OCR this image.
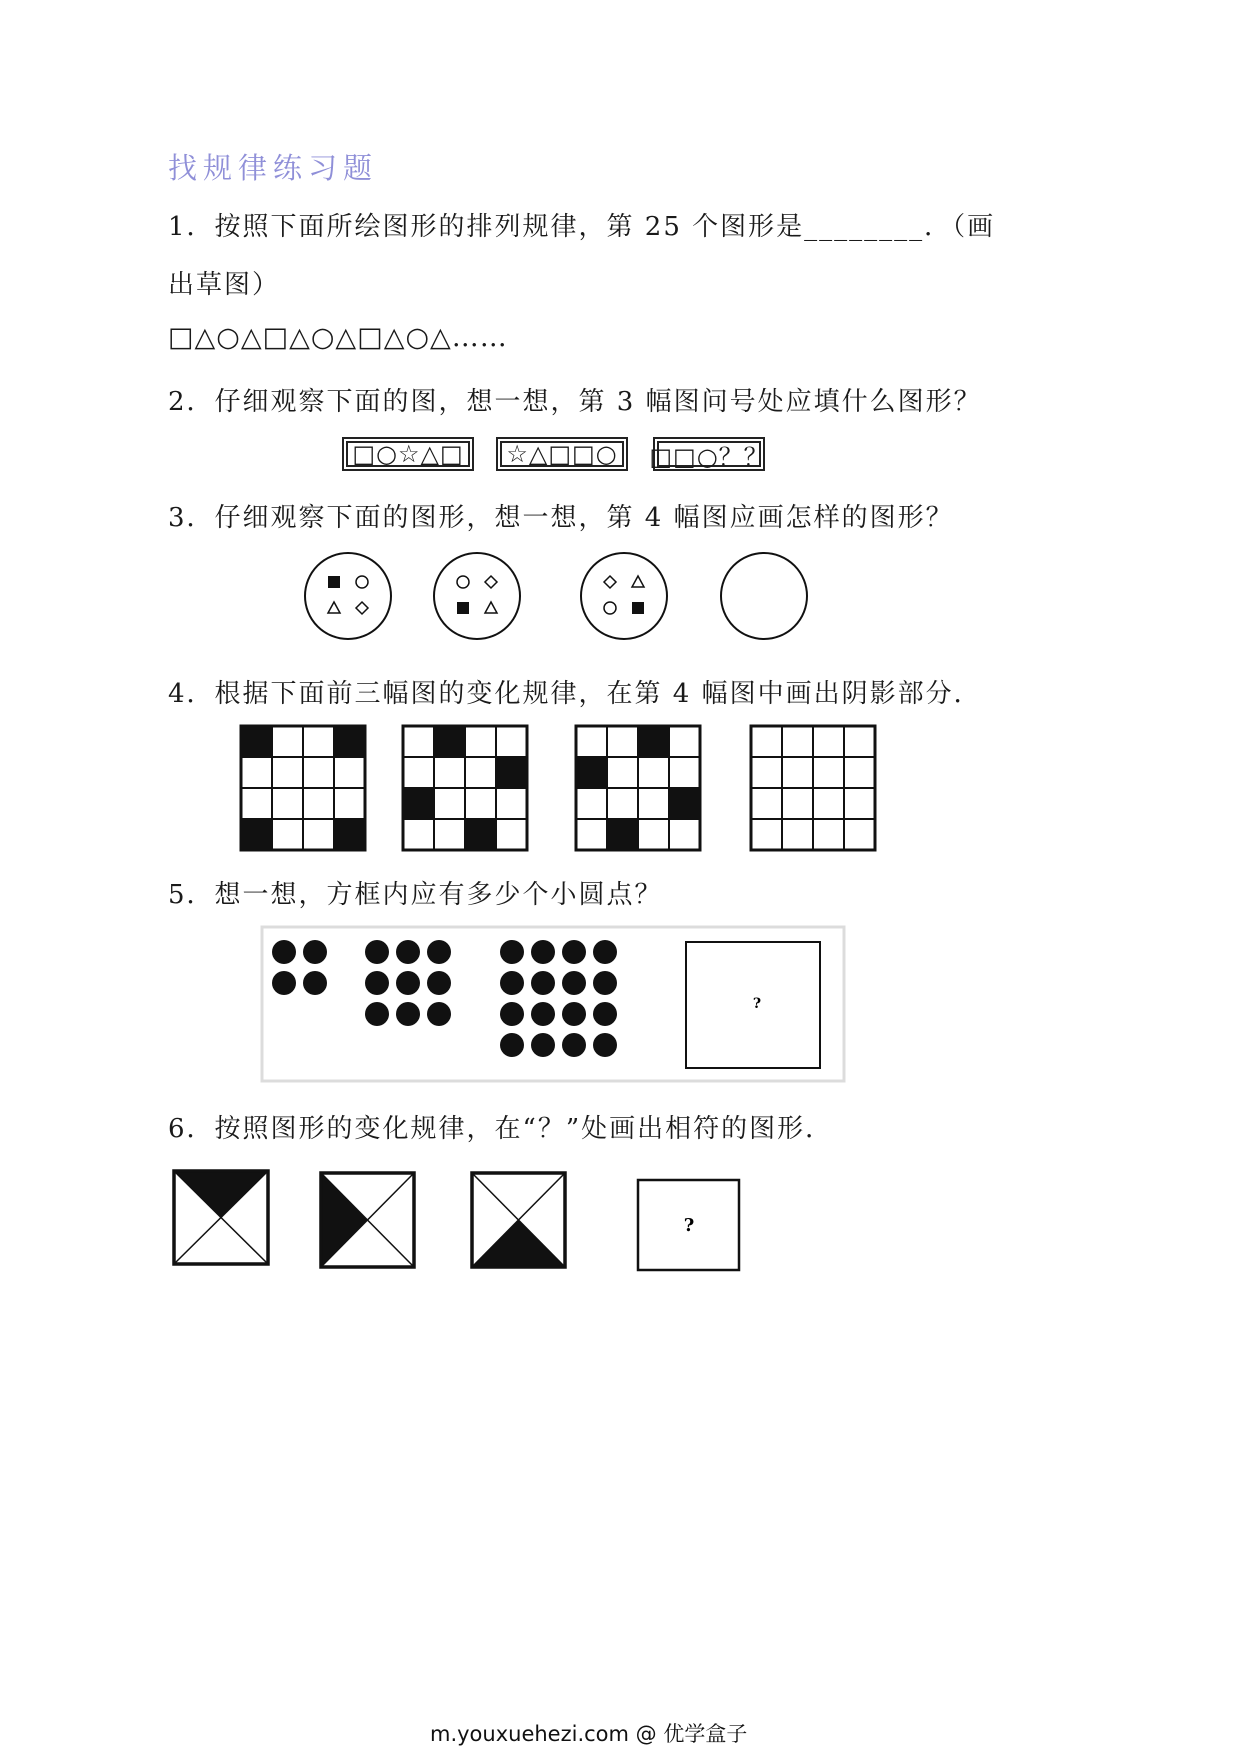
找规律练习题
1．按照下面所绘图形的排列规律，第 25 个图形是________．（画
出草图）
□△○△□△○△□△○△……
2．仔细观察下面的图，想一想，第 3 幅图问号处应填什么图形？
□○☆△□	☆△□□○	□□○？？
3．仔细观察下面的图形，想一想，第 4 幅图应画怎样的图形？
4．根据下面前三幅图的变化规律，在第 4 幅图中画出阴影部分．
5．想一想，方框内应有多少个小圆点？
?
6．按照图形的变化规律，在“？”处画出相符的图形．
?
m.youxuehezi.com @ 优学盒子
